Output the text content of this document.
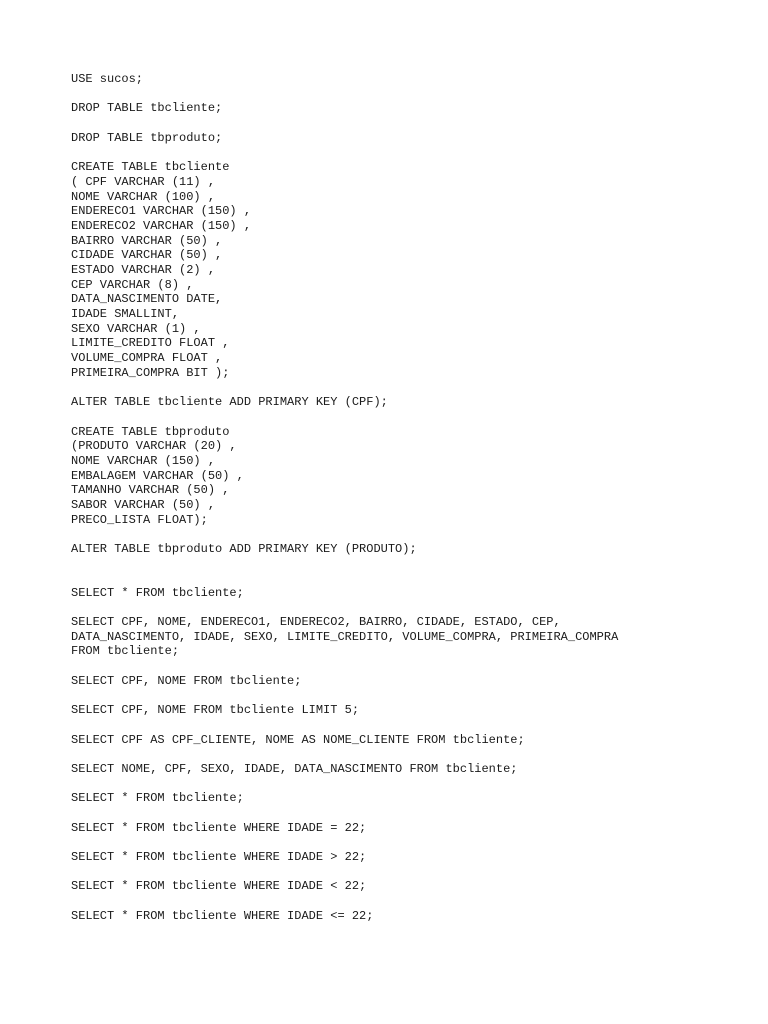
USE sucos;
DROP TABLE tbcliente;
DROP TABLE tbproduto;
CREATE TABLE tbcliente
( CPF VARCHAR (11) ,
NOME VARCHAR (100) ,
ENDERECO1 VARCHAR (150) ,
ENDERECO2 VARCHAR (150) ,
BAIRRO VARCHAR (50) ,
CIDADE VARCHAR (50) ,
ESTADO VARCHAR (2) ,
CEP VARCHAR (8) ,
DATA_NASCIMENTO DATE,
IDADE SMALLINT,
SEXO VARCHAR (1) ,
LIMITE_CREDITO FLOAT ,
VOLUME_COMPRA FLOAT ,
PRIMEIRA_COMPRA BIT );
ALTER TABLE tbcliente ADD PRIMARY KEY (CPF);
CREATE TABLE tbproduto
(PRODUTO VARCHAR (20) ,
NOME VARCHAR (150) ,
EMBALAGEM VARCHAR (50) ,
TAMANHO VARCHAR (50) ,
SABOR VARCHAR (50) ,
PRECO_LISTA FLOAT);
ALTER TABLE tbproduto ADD PRIMARY KEY (PRODUTO);
SELECT * FROM tbcliente;
SELECT CPF, NOME, ENDERECO1, ENDERECO2, BAIRRO, CIDADE, ESTADO, CEP,
DATA_NASCIMENTO, IDADE, SEXO, LIMITE_CREDITO, VOLUME_COMPRA, PRIMEIRA_COMPRA
FROM tbcliente;
SELECT CPF, NOME FROM tbcliente;
SELECT CPF, NOME FROM tbcliente LIMIT 5;
SELECT CPF AS CPF_CLIENTE, NOME AS NOME_CLIENTE FROM tbcliente;
SELECT NOME, CPF, SEXO, IDADE, DATA_NASCIMENTO FROM tbcliente;
SELECT * FROM tbcliente;
SELECT * FROM tbcliente WHERE IDADE = 22;
SELECT * FROM tbcliente WHERE IDADE > 22;
SELECT * FROM tbcliente WHERE IDADE < 22;
SELECT * FROM tbcliente WHERE IDADE <= 22;
